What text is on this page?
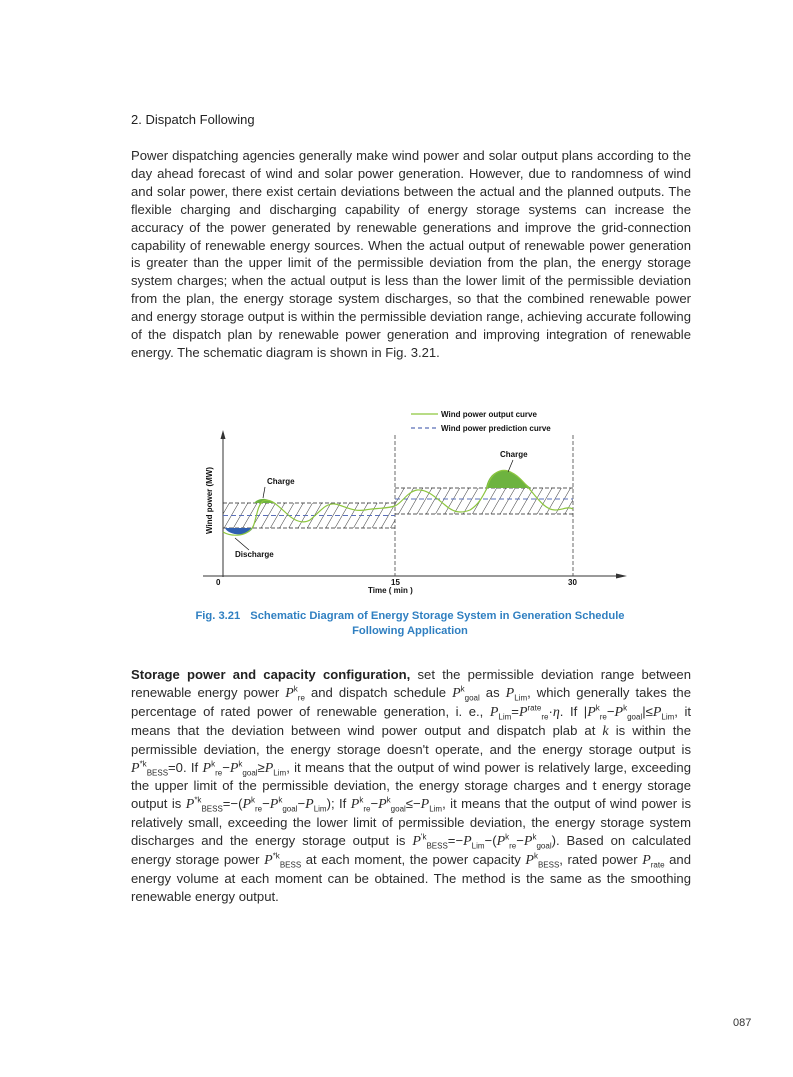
2. Dispatch Following
Power dispatching agencies generally make wind power and solar output plans according to the day ahead forecast of wind and solar power generation. However, due to randomness of wind and solar power, there exist certain deviations between the actual and the planned outputs. The flexible charging and discharging capability of energy storage systems can increase the accuracy of the power generated by renewable generations and improve the grid-connection capability of renewable energy sources. When the actual output of renewable power generation is greater than the upper limit of the permissible deviation from the plan, the energy storage system charges; when the actual output is less than the lower limit of the permissible deviation from the plan, the energy storage system discharges, so that the combined renewable power and energy storage output is within the permissible deviation range, achieving accurate following of the dispatch plan by renewable power generation and improving integration of renewable energy. The schematic diagram is shown in Fig. 3.21.
Wind power output curve
Wind power prediction curve
Charge
Charge
Discharge
0	15	30
Time ( min )
Wind power (MW)
Fig. 3.21 Schematic Diagram of Energy Storage System in Generation Schedule
Following Application
Storage power and capacity configuration, set the permissible deviation range between renewable energy power $P^k_{re}$ and dispatch schedule $P^k_{goal}$ as $P_{Lim}$, which generally takes the percentage of rated power of renewable generation, i. e., $P_{Lim}=P^{rate}_{re}\cdot\eta$. If $|P^k_{re}-P^k_{goal}|\le P_{Lim}$, it means that the deviation between wind power output and dispatch plab at k is within the permissible deviation, the energy storage doesn't operate, and the energy storage output is $P^{*k}_{BESS}=0$. If $P^k_{re}-P^k_{goal}\ge P_{Lim}$, it means that the output of wind power is relatively large, exceeding the upper limit of the permissible deviation, the energy storage charges and t energy storage output is $P^{*k}_{BESS}=-(P^k_{re}-P^k_{goal}-P_{Lim})$; If $P^k_{re}-P^k_{goal}\le-P_{Lim}$, it means that the output of wind power is relatively small, exceeding the lower limit of permissible deviation, the energy storage system discharges and the energy storage output is $P^{'k}_{BESS}=-P_{Lim}-(P^k_{re}-P^k_{goal})$. Based on calculated energy storage power $P^{*k}_{BESS}$ at each moment, the power capacity $P^k_{BESS}$, rated power $P_{rate}$ and energy volume at each moment can be obtained. The method is the same as the smoothing renewable energy output.
087
